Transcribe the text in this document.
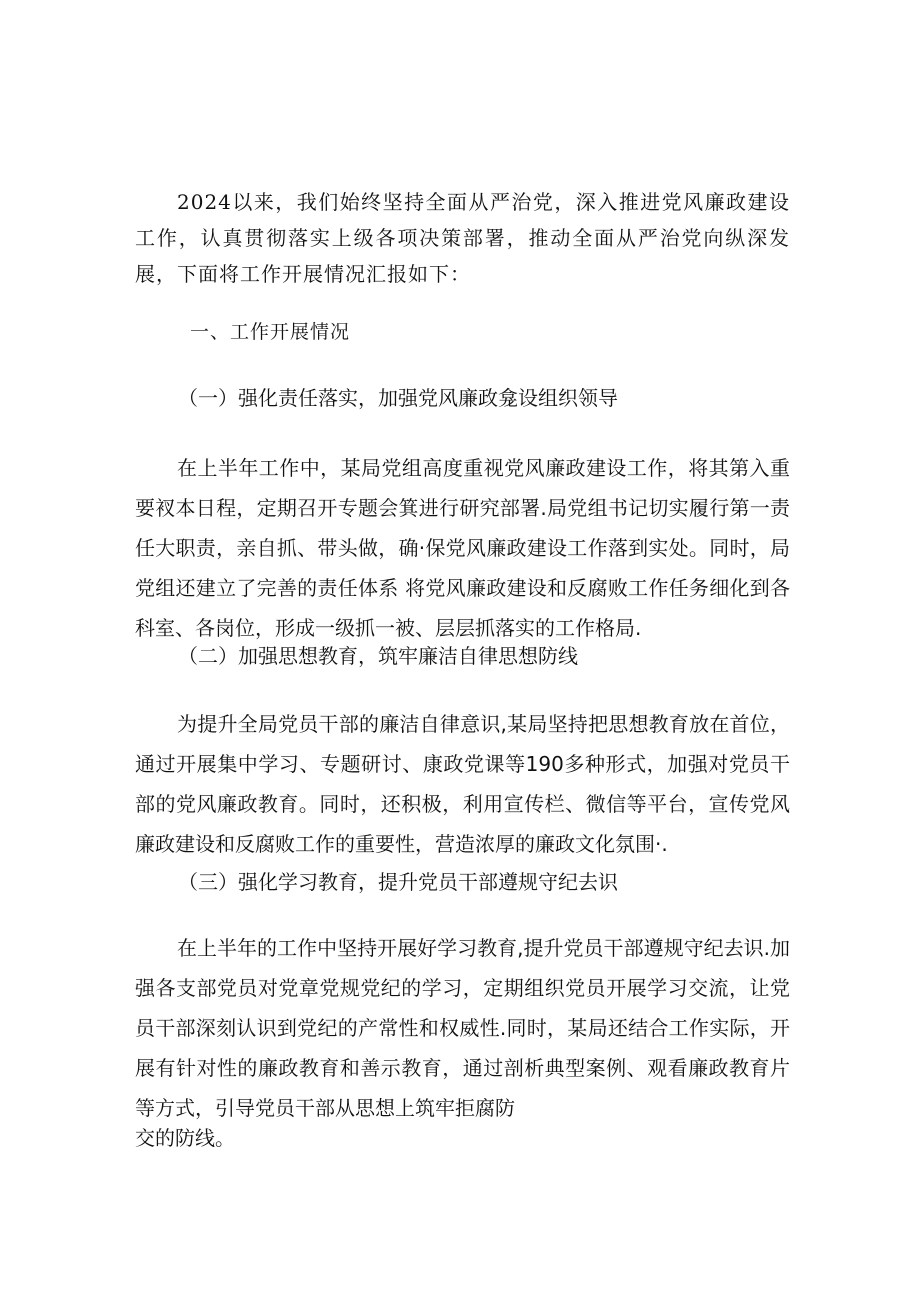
2024以来，我们始终坚持全面从严治党，深入推进党风廉政建设工作，认真贯彻落实上级各项决策部署，推动全面从严治党向纵深发展，下面将工作开展情况汇报如下：

一、工作开展情况

（一）强化责任落实，加强党风廉政龛设组织领导

在上半年工作中，某局党组高度重视党风廉政建设工作，将其第入重要衩本日程，定期召开专题会箕进行研究部署.局党组书记切实履行第一责任大职责，亲自抓、带头做，确·保党风廉政建设工作落到实处。同时，局党组还建立了完善的责任体系 将党风廉政建设和反腐败工作任务细化到各科室、各岗位，形成一级抓一被、层层抓落实的工作格局.

（二）加强思想教育，筑牢廉洁自律思想防线

为提升全局党员干部的廉洁自律意识,某局坚持把思想教育放在首位，通过开展集中学习、专题研讨、康政党课等190多种形式，加强对党员干部的党风廉政教育。同时，还积极，利用宣传栏、微信等平台，宣传党风廉政建设和反腐败工作的重要性，营造浓厚的廉政文化氛围·.

（三）强化学习教育，提升党员干部遵规守纪去识

在上半年的工作中坚持开展好学习教育,提升党员干部遵规守纪去识.加强各支部党员对党章党规党纪的学习，定期组织党员开展学习交流，让党员干部深刻认识到党纪的产常性和权威性.同时，某局还结合工作实际，开展有针对性的廉政教育和善示教育，通过剖析典型案例、观看廉政教育片等方式，引导党员干部从思想上筑牢拒腐防

交的防线。
